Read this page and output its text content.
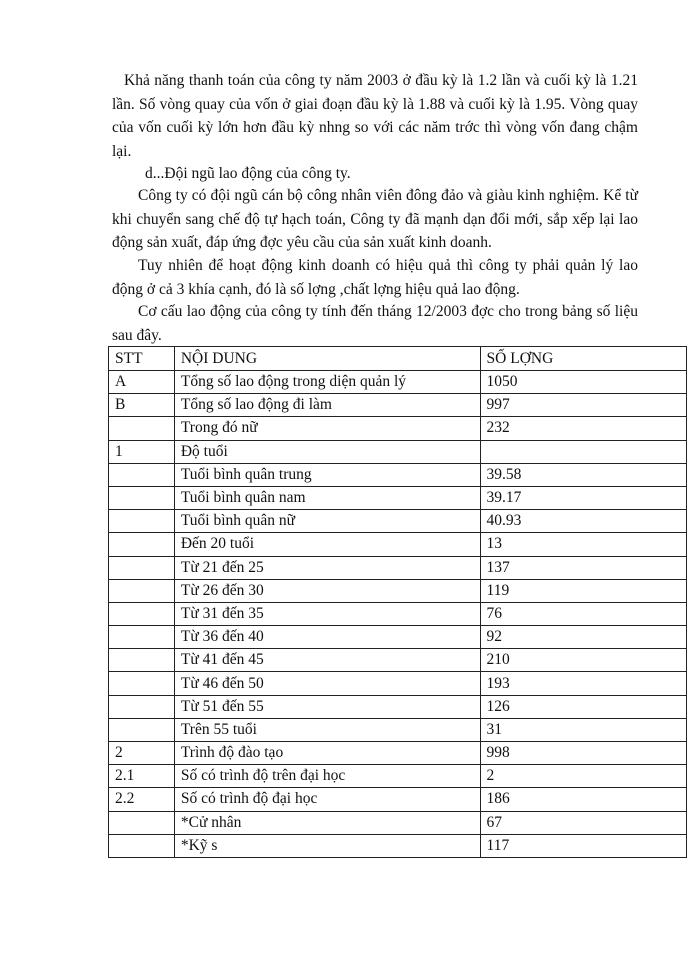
Khả năng thanh toán của công ty năm 2003 ở đầu kỳ là 1.2 lần và cuối kỳ là 1.21 lần. Số vòng quay của vốn ở giai đoạn đầu kỳ là 1.88 và cuối kỳ là 1.95. Vòng quay của vốn cuối kỳ lớn hơn đầu kỳ nhng so với các năm trớc thì vòng vốn đang chậm lại.

d...Đội ngũ lao động của công ty.

Công ty có đội ngũ cán bộ công nhân viên đông đảo và giàu kinh nghiệm. Kể từ khi chuyển sang chế độ tự hạch toán, Công ty đã mạnh dạn đổi mới, sắp xếp lại lao động sản xuất, đáp ứng đợc yêu cầu của sản xuất kinh doanh.

Tuy nhiên để hoạt động kinh doanh có hiệu quả thì công ty phải quản lý lao động ở cả 3 khía cạnh, đó là số lợng ,chất lợng hiệu quả lao động.

Cơ cấu lao động của công ty tính đến tháng 12/2003 đợc cho trong bảng số liệu sau đây.

STT	NỘI DUNG	SỐ LỢNG
A	Tổng số lao động trong diện quản lý	1050
B	Tổng số lao động đi làm	997
	Trong đó nữ	232
1	Độ tuổi	
	Tuổi bình quân trung	39.58
	Tuổi bình quân nam	39.17
	Tuổi bình quân nữ	40.93
	Đến 20 tuổi	13
	Từ 21 đến 25	137
	Từ 26 đến 30	119
	Từ 31 đến 35	76
	Từ 36 đến 40	92
	Từ 41 đến 45	210
	Từ 46 đến 50	193
	Từ 51 đến 55	126
	Trên 55 tuổi	31
2	Trình độ đào tạo	998
2.1	Số có trình độ trên đại học	2
2.2	Số có trình độ đại học	186
	*Cử nhân	67
	*Kỹ s	117
